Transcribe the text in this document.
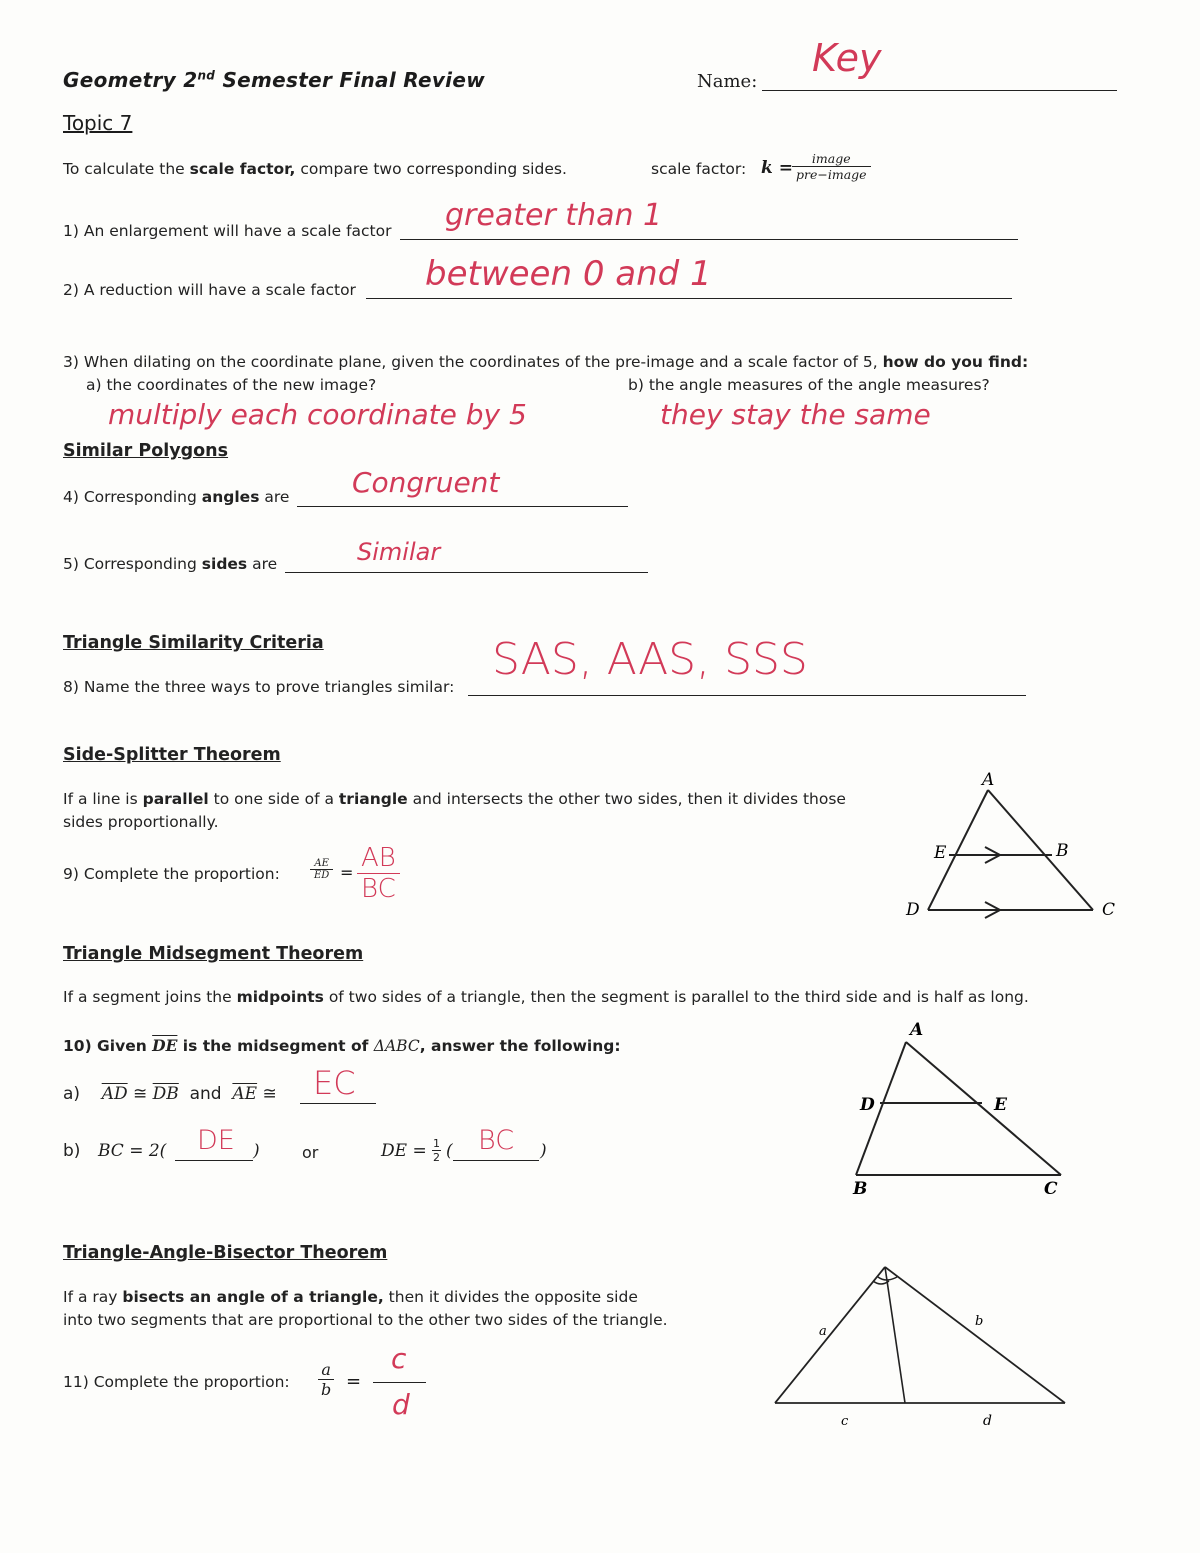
Geometry 2nd Semester Final Review	Name:
Key
Topic 7
To calculate the scale factor, compare two corresponding sides.	scale factor: k =	image
pre−image
1) An enlargement will have a scale factor greater than 1
2) A reduction will have a scale factor between 0 and 1
3) When dilating on the coordinate plane, given the coordinates of the pre-image and a scale factor of 5, how do you find:
a) the coordinates of the new image?	b) the angle measures of the angle measures?
multiply each coordinate by 5	they stay the same
Similar Polygons
4) Corresponding angles are Congruent
5) Corresponding sides are	Similar
Triangle Similarity Criteria
8) Name the three ways to prove triangles similar:
SAS, AAS, SSS
Side-Splitter Theorem
If a line is parallel to one side of a triangle and intersects the other two sides, then it divides those
sides proportionally.
9) Complete the proportion:	$\frac{AE}{ED} = \frac{AB}{BC}$
A
E	B
D	C
Triangle Midsegment Theorem
If a segment joins the midpoints of two sides of a triangle, then the segment is parallel to the third side and is half as long.
10) Given $\overline{DE}$ is the midsegment of ΔABC, answer the following:
a) $\overline{AD}$ ≅ $\overline{DB}$ and $\overline{AE}$ ≅ EC
b) BC = 2( DE )	or	DE = $\frac{1}{2}$ ( BC )
A
D	E
B	C
Triangle-Angle-Bisector Theorem
If a ray bisects an angle of a triangle, then it divides the opposite side
into two segments that are proportional to the other two sides of the triangle.
11) Complete the proportion: $\frac{a}{b}$ =
c
d
a
b
c	d
